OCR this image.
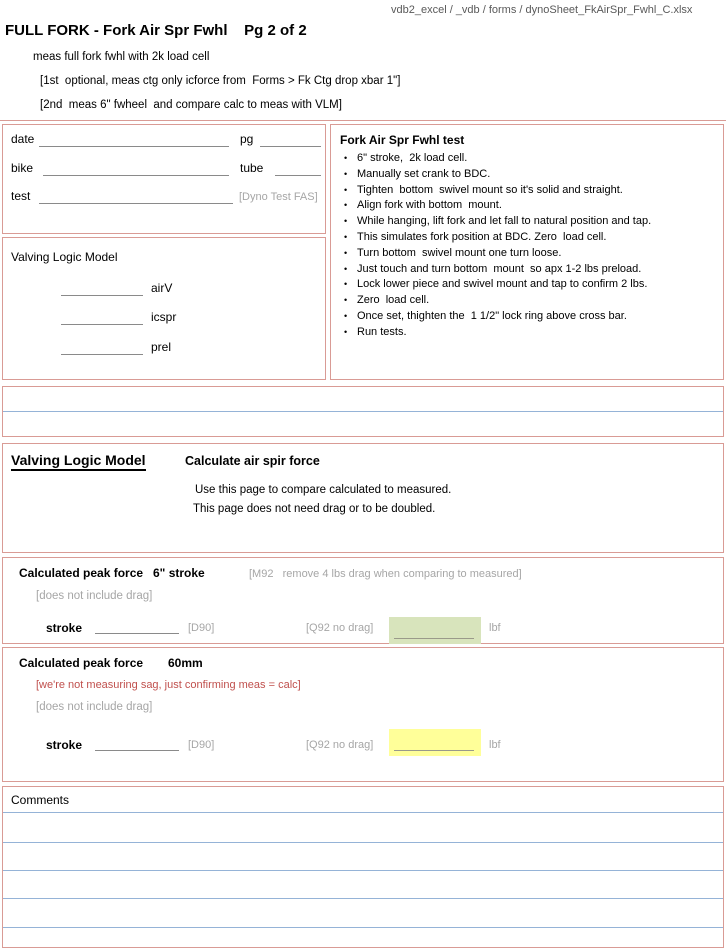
vdb2_excel / _vdb / forms / dynoSheet_FkAirSpr_Fwhl_C.xlsx
FULL FORK - Fork Air Spr Fwhl    Pg 2 of 2
meas full fork fwhl with 2k load cell
[1st  optional, meas ctg only icforce from  Forms > Fk Ctg drop xbar 1"]
[2nd  meas 6" fwheel  and compare calc to meas with VLM]
date	pg
bike	tube
test	[Dyno Test FAS]
Valving Logic Model
airV
icspr
prel
Fork Air Spr Fwhl test
• 6" stroke,  2k load cell.
• Manually set crank to BDC.
• Tighten  bottom  swivel mount so it's solid and straight.
• Align fork with bottom  mount.
• While hanging, lift fork and let fall to natural position and tap.
• This simulates fork position at BDC. Zero  load cell.
• Turn bottom  swivel mount one turn loose.
• Just touch and turn bottom  mount  so apx 1-2 lbs preload.
• Lock lower piece and swivel mount and tap to confirm 2 lbs.
• Zero  load cell.
• Once set, thighten the  1 1/2" lock ring above cross bar.
• Run tests.
Valving Logic Model	Calculate air spir force
Use this page to compare calculated to measured.
This page does not need drag or to be doubled.
Calculated peak force 6" stroke	[M92   remove 4 lbs drag when comparing to measured]
[does not include drag]
stroke	[D90]	[Q92 no drag]	lbf
Calculated peak force 60mm
[we're not measuring sag, just confirming meas = calc]
[does not include drag]
stroke	[D90]	[Q92 no drag]	lbf
Comments
